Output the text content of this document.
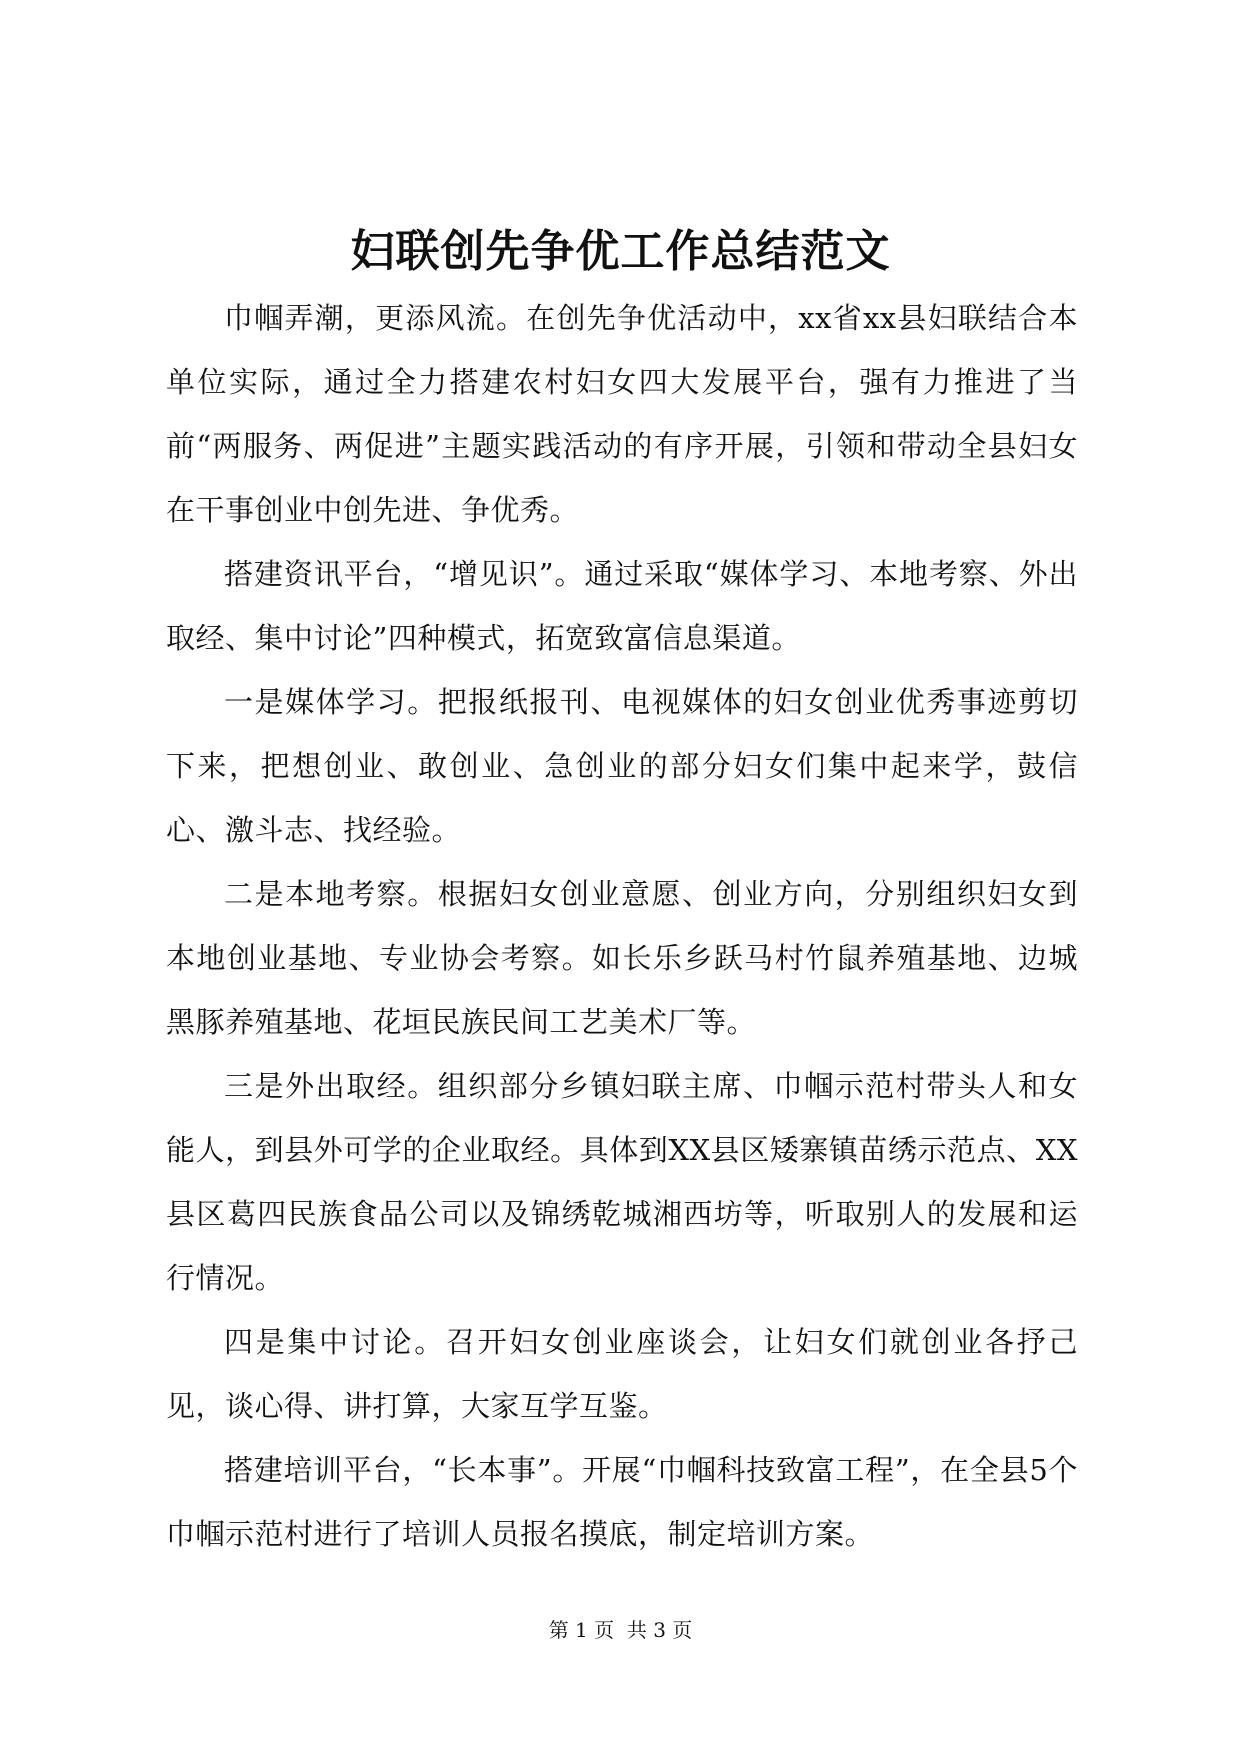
妇联创先争优工作总结范文

巾帼弄潮，更添风流。在创先争优活动中，xx省xx县妇联结合本单位实际，通过全力搭建农村妇女四大发展平台，强有力推进了当前“两服务、两促进”主题实践活动的有序开展，引领和带动全县妇女在干事创业中创先进、争优秀。

搭建资讯平台，“增见识”。通过采取“媒体学习、本地考察、外出取经、集中讨论”四种模式，拓宽致富信息渠道。

一是媒体学习。把报纸报刊、电视媒体的妇女创业优秀事迹剪切下来，把想创业、敢创业、急创业的部分妇女们集中起来学，鼓信心、激斗志、找经验。

二是本地考察。根据妇女创业意愿、创业方向，分别组织妇女到本地创业基地、专业协会考察。如长乐乡跃马村竹鼠养殖基地、边城黑豚养殖基地、花垣民族民间工艺美术厂等。

三是外出取经。组织部分乡镇妇联主席、巾帼示范村带头人和女能人，到县外可学的企业取经。具体到XX县区矮寨镇苗绣示范点、XX县区葛四民族食品公司以及锦绣乾城湘西坊等，听取别人的发展和运行情况。

四是集中讨论。召开妇女创业座谈会，让妇女们就创业各抒己见，谈心得、讲打算，大家互学互鉴。

搭建培训平台，“长本事”。开展“巾帼科技致富工程”，在全县5个巾帼示范村进行了培训人员报名摸底，制定培训方案。

第 1 页  共 3 页
